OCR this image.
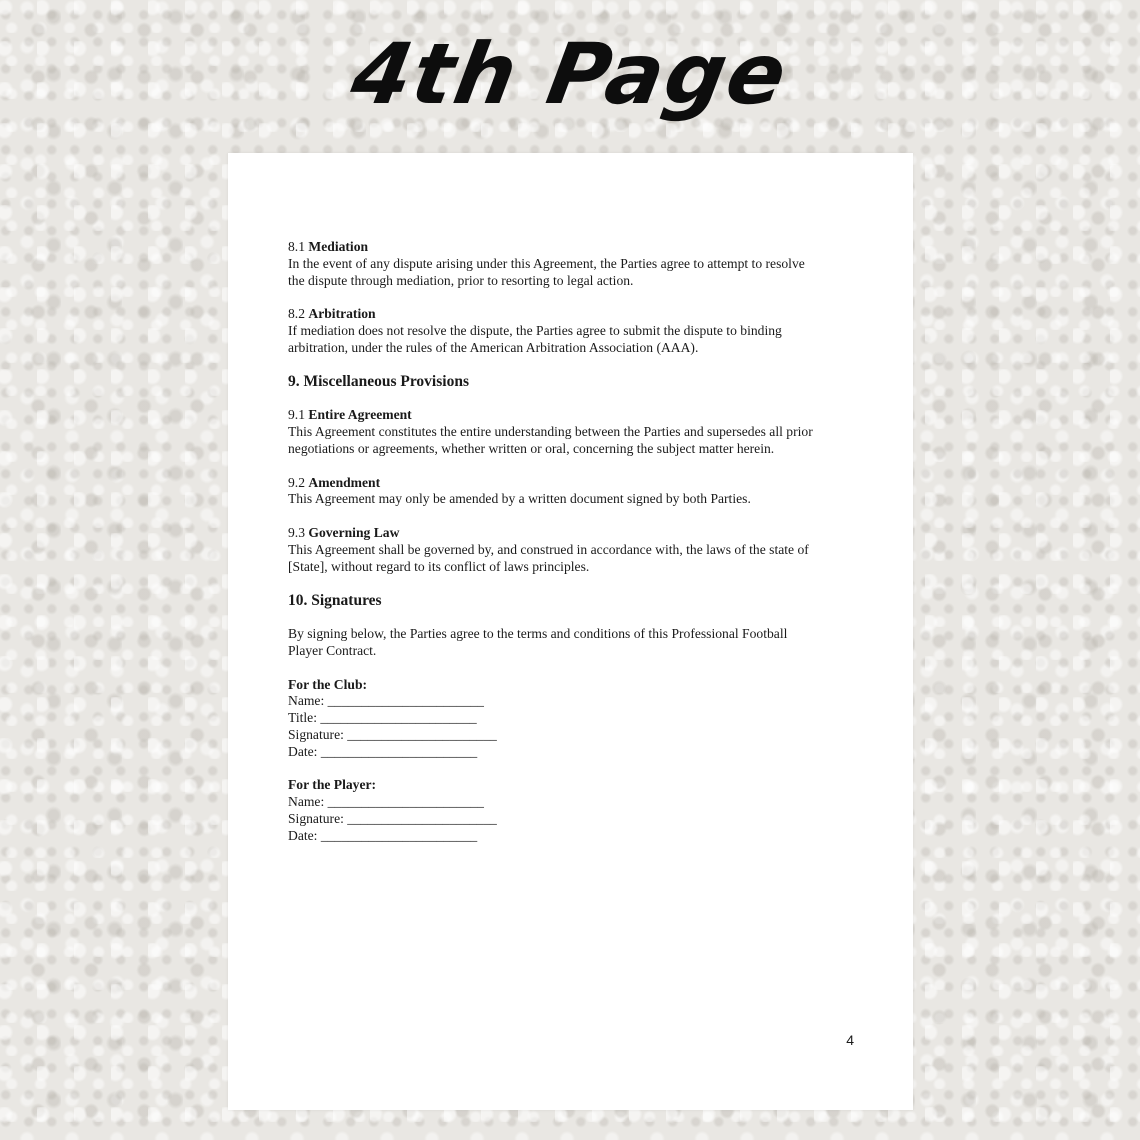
4th Page
8.1 Mediation
In the event of any dispute arising under this Agreement, the Parties agree to attempt to resolve
the dispute through mediation, prior to resorting to legal action.
8.2 Arbitration
If mediation does not resolve the dispute, the Parties agree to submit the dispute to binding
arbitration, under the rules of the American Arbitration Association (AAA).
9. Miscellaneous Provisions
9.1 Entire Agreement
This Agreement constitutes the entire understanding between the Parties and supersedes all prior
negotiations or agreements, whether written or oral, concerning the subject matter herein.
9.2 Amendment
This Agreement may only be amended by a written document signed by both Parties.
9.3 Governing Law
This Agreement shall be governed by, and construed in accordance with, the laws of the state of
[State], without regard to its conflict of laws principles.
10. Signatures
By signing below, the Parties agree to the terms and conditions of this Professional Football
Player Contract.
For the Club:
Name: _______________________
Title: _______________________
Signature: ______________________
Date: _______________________
For the Player:
Name: _______________________
Signature: ______________________
Date: _______________________
4
